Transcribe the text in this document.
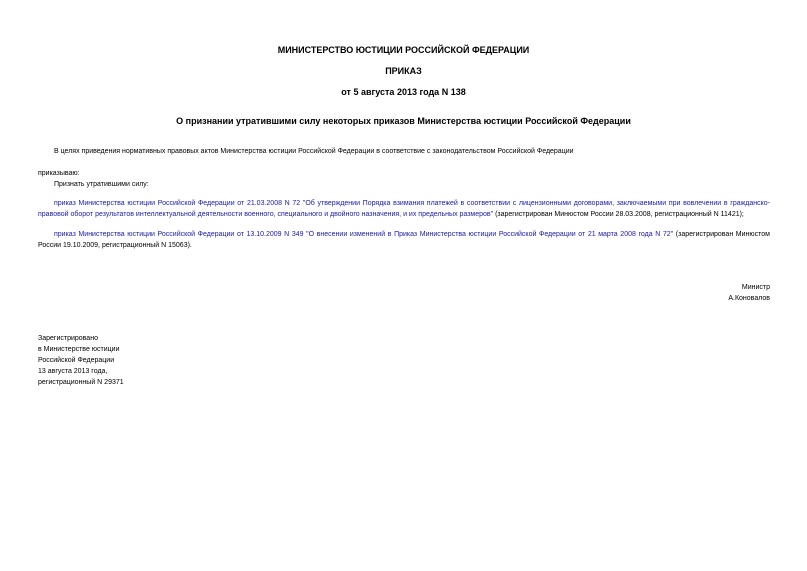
МИНИСТЕРСТВО ЮСТИЦИИ РОССИЙСКОЙ ФЕДЕРАЦИИ
ПРИКАЗ
от 5 августа 2013 года N 138
О признании утратившими силу некоторых приказов Министерства юстиции Российской Федерации
В целях приведения нормативных правовых актов Министерства юстиции Российской Федерации в соответствие с законодательством Российской Федерации
приказываю:
Признать утратившими силу:
приказ Министерства юстиции Российской Федерации от 21.03.2008 N 72 "Об утверждении Порядка взимания платежей в соответствии с лицензионными договорами, заключаемыми при вовлечении в гражданско-правовой оборот результатов интеллектуальной деятельности военного, специального и двойного назначения, и их предельных размеров" (зарегистрирован Минюстом России 28.03.2008, регистрационный N 11421);
приказ Министерства юстиции Российской Федерации от 13.10.2009 N 349 "О внесении изменений в Приказ Министерства юстиции Российской Федерации от 21 марта 2008 года N 72" (зарегистрирован Минюстом России 19.10.2009, регистрационный N 15063).
Министр
А.Коновалов
Зарегистрировано
в Министерстве юстиции
Российской Федерации
13 августа 2013 года,
регистрационный N 29371
